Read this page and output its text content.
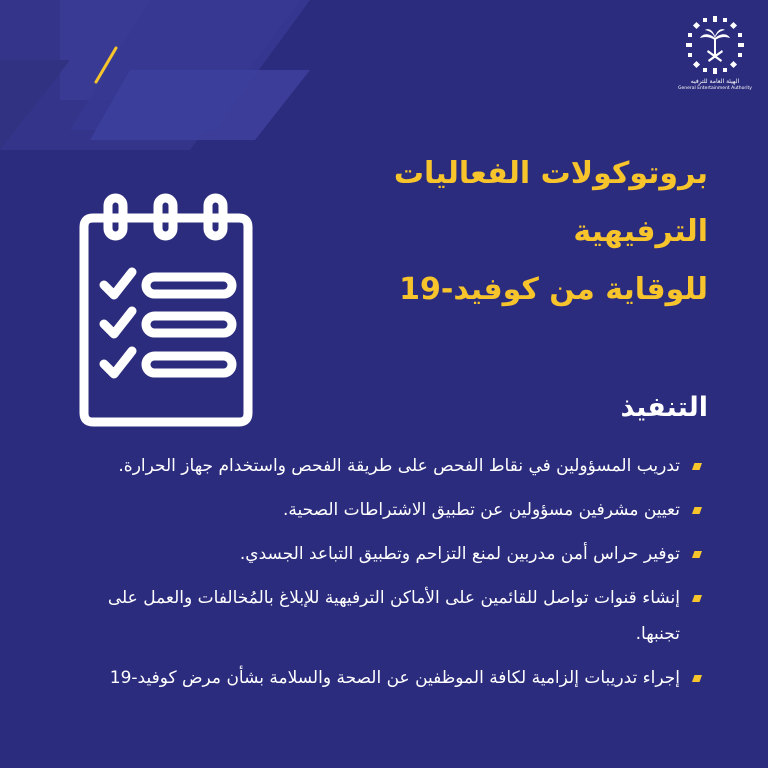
الهيئة العامة للترفيه
General Entertainment Authority
بروتوكولات الفعاليات الترفيهية
للوقاية من كوفيد-19
التنفيذ
تدريب المسؤولين في نقاط الفحص على طريقة الفحص واستخدام جهاز الحرارة.
تعيين مشرفين مسؤولين عن تطبيق الاشتراطات الصحية.
توفير حراس أمن مدربين لمنع التزاحم وتطبيق التباعد الجسدي.
إنشاء قنوات تواصل للقائمين على الأماكن الترفيهية للإبلاغ بالمُخالفات والعمل على تجنبها.
إجراء تدريبات إلزامية لكافة الموظفين عن الصحة والسلامة بشأن مرض كوفيد-19
